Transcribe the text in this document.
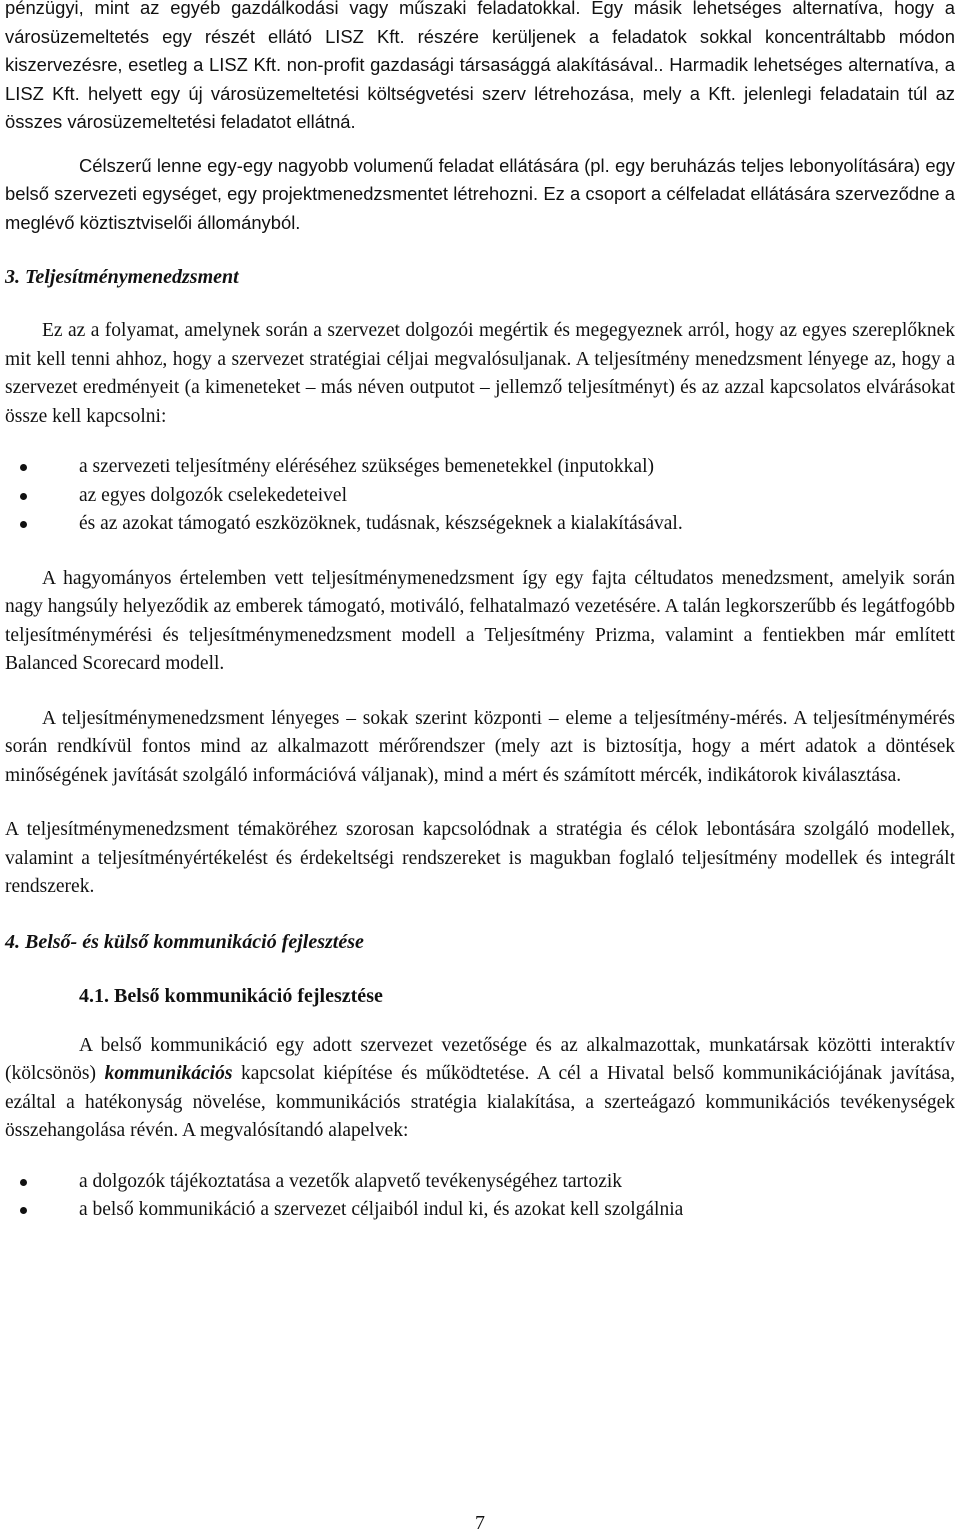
pénzügyi, mint az egyéb gazdálkodási vagy műszaki feladatokkal. Egy másik lehetséges alternatíva, hogy a városüzemeltetés egy részét ellátó LISZ Kft. részére kerüljenek a feladatok sokkal koncentráltabb módon kiszervezésre, esetleg a LISZ Kft. non-profit gazdasági társasággá alakításával.. Harmadik lehetséges alternatíva, a LISZ Kft. helyett egy új városüzemeltetési költségvetési szerv létrehozása, mely a Kft. jelenlegi feladatain túl az összes városüzemeltetési feladatot ellátná.

Célszerű lenne egy-egy nagyobb volumenű feladat ellátására (pl. egy beruházás teljes lebonyolítására) egy belső szervezeti egységet, egy projektmenedzsmentet létrehozni. Ez a csoport a célfeladat ellátására szerveződne a meglévő köztisztviselői állományból.

3. Teljesítménymenedzsment

Ez az a folyamat, amelynek során a szervezet dolgozói megértik és megegyeznek arról, hogy az egyes szereplőknek mit kell tenni ahhoz, hogy a szervezet stratégiai céljai megvalósuljanak. A teljesítmény menedzsment lényege az, hogy a szervezet eredményeit (a kimeneteket – más néven outputot – jellemző teljesítményt) és az azzal kapcsolatos elvárásokat össze kell kapcsolni:

a szervezeti teljesítmény eléréséhez szükséges bemenetekkel (inputokkal)
az egyes dolgozók cselekedeteivel
és az azokat támogató eszközöknek, tudásnak, készségeknek a kialakításával.

A hagyományos értelemben vett teljesítménymenedzsment így egy fajta céltudatos menedzsment, amelyik során nagy hangsúly helyeződik az emberek támogató, motiváló, felhatalmazó vezetésére. A talán legkorszerűbb és legátfogóbb teljesítménymérési és teljesítménymenedzsment modell a Teljesítmény Prizma, valamint a fentiekben már említett Balanced Scorecard modell.

A teljesítménymenedzsment lényeges – sokak szerint központi – eleme a teljesítmény-mérés. A teljesítménymérés során rendkívül fontos mind az alkalmazott mérőrendszer (mely azt is biztosítja, hogy a mért adatok a döntések minőségének javítását szolgáló információvá váljanak), mind a mért és számított mércék, indikátorok kiválasztása.

A teljesítménymenedzsment témaköréhez szorosan kapcsolódnak a stratégia és célok lebontására szolgáló modellek, valamint a teljesítményértékelést és érdekeltségi rendszereket is magukban foglaló teljesítmény modellek és integrált rendszerek.

4. Belső- és külső kommunikáció fejlesztése
4.1. Belső kommunikáció fejlesztése

A belső kommunikáció egy adott szervezet vezetősége és az alkalmazottak, munkatársak közötti interaktív (kölcsönös) kommunikációs kapcsolat kiépítése és működtetése. A cél a Hivatal belső kommunikációjának javítása, ezáltal a hatékonyság növelése, kommunikációs stratégia kialakítása, a szerteágazó kommunikációs tevékenységek összehangolása révén. A megvalósítandó alapelvek:

a dolgozók tájékoztatása a vezetők alapvető tevékenységéhez tartozik
a belső kommunikáció a szervezet céljaiból indul ki, és azokat kell szolgálnia
7
